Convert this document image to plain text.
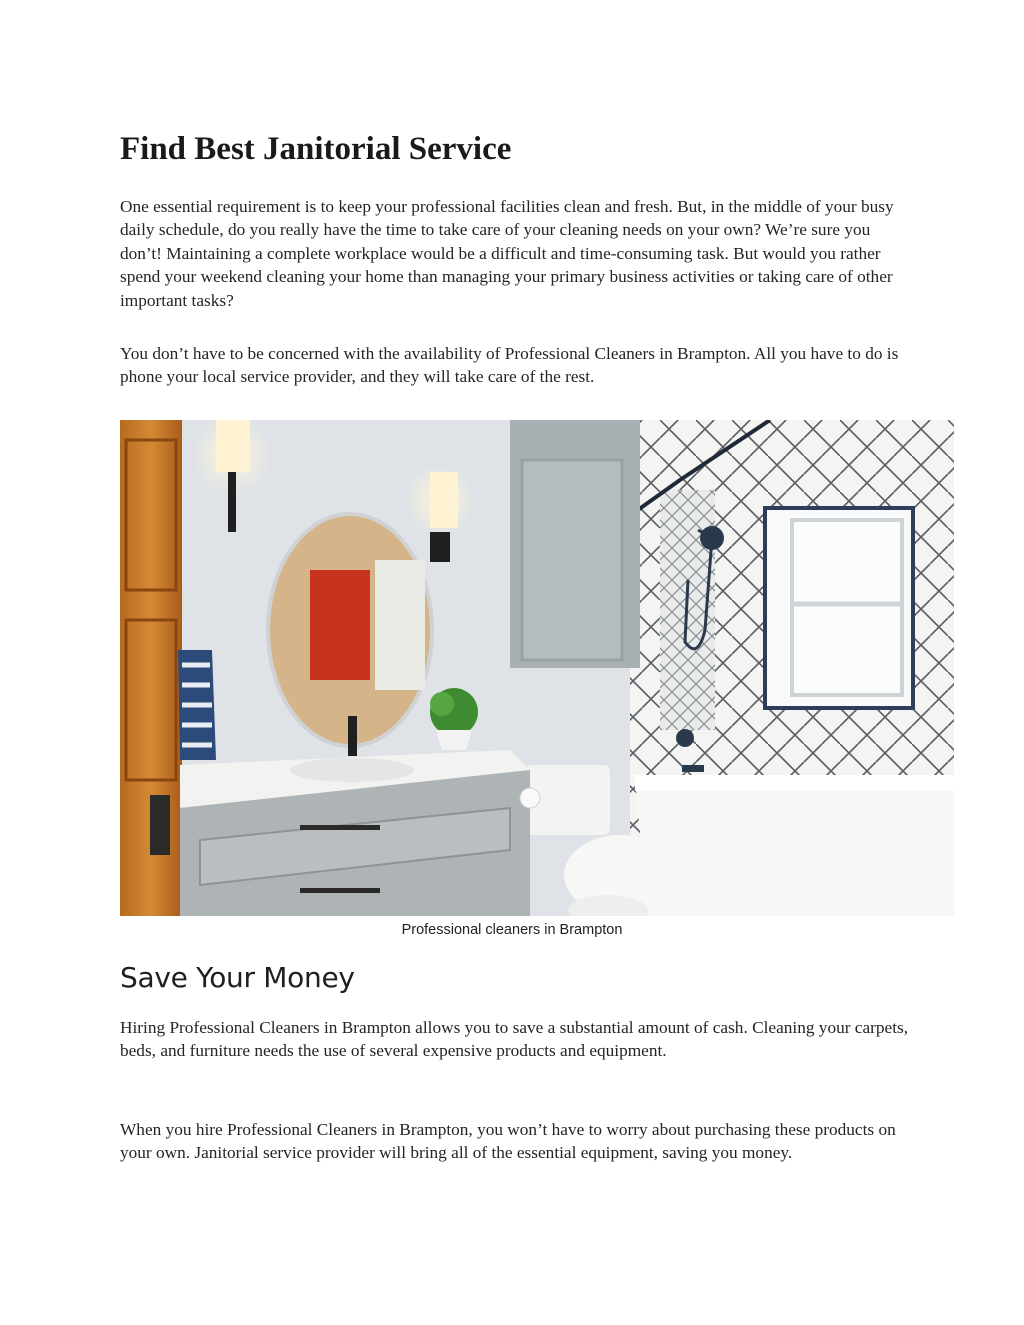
Find Best Janitorial Service

One essential requirement is to keep your professional facilities clean and fresh. But, in the middle of your busy daily schedule, do you really have the time to take care of your cleaning needs on your own? We’re sure you don’t! Maintaining a complete workplace would be a difficult and time-consuming task. But would you rather spend your weekend cleaning your home than managing your primary business activities or taking care of other important tasks?

You don’t have to be concerned with the availability of Professional Cleaners in Brampton. All you have to do is phone your local service provider, and they will take care of the rest.

Professional cleaners in Brampton
Save Your Money

Hiring Professional Cleaners in Brampton allows you to save a substantial amount of cash. Cleaning your carpets, beds, and furniture needs the use of several expensive products and equipment.

When you hire Professional Cleaners in Brampton, you won’t have to worry about purchasing these products on your own. Janitorial service provider will bring all of the essential equipment, saving you money.
